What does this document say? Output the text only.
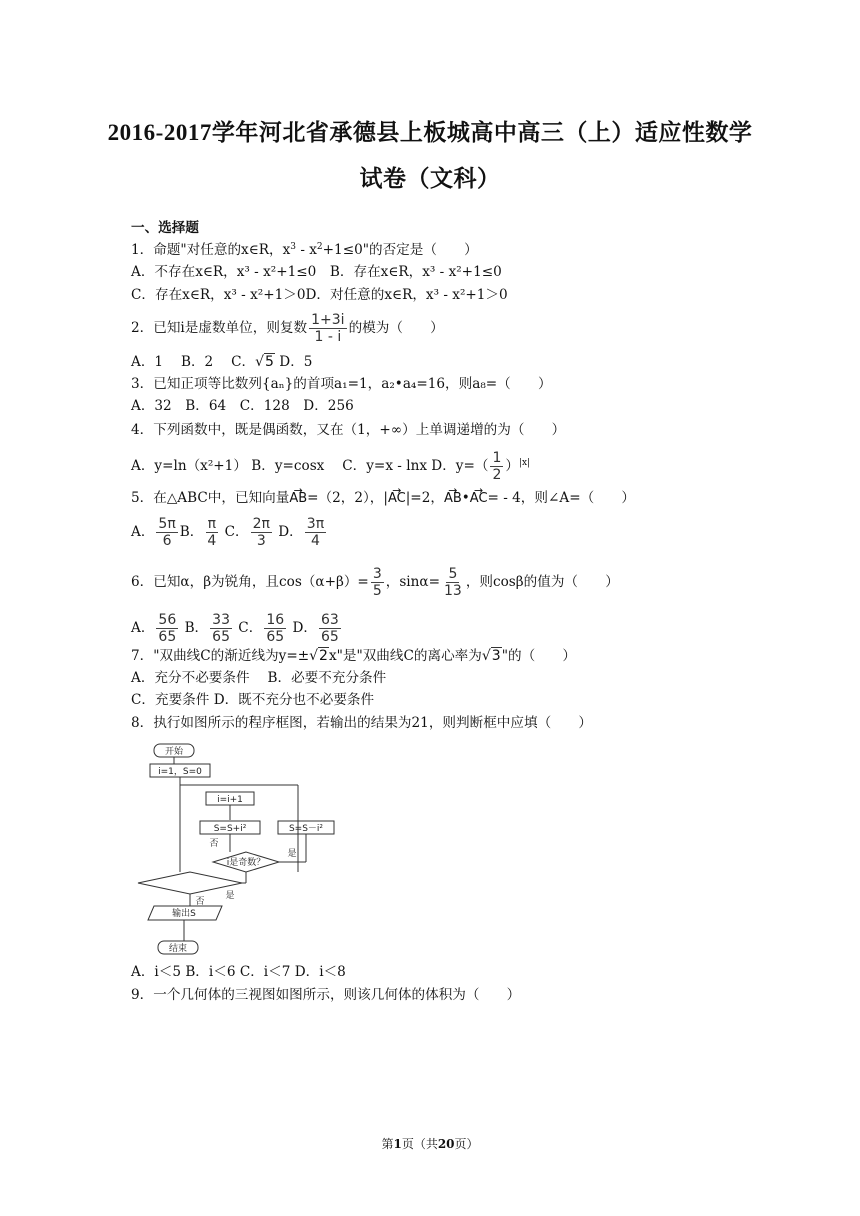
2016-2017学年河北省承德县上板城高中高三（上）适应性数学
试卷（文科）
一、选择题
1．命题"对任意的x∈R，$x^3 - x^2+1\le 0$"的否定是（　　）
A．不存在x∈R，x³ - x²+1≤0　 B．存在x∈R，x³ - x²+1≤0
C．存在x∈R，x³ - x²+1＞0D．对任意的x∈R，x³ - x²+1＞0
2．已知i是虚数单位，则复数 $\frac{1+3i}{1 - i}$ 的模为（　　）
A．1　 B．2　 C．√5 D．5
3．已知正项等比数列{aₙ}的首项a₁=1，a₂•a₄=16，则a₈=（　　）
A．32　B．64　C．128　D．256
4．下列函数中，既是偶函数，又在（1，+∞）上单调递增的为（　　）
A．y=ln（x²+1） B．y=cosx　 C．y=x - lnx D．$y=( \frac{1}{2} )^{|x|}$
5．在△ABC中，已知向量→ AB=（2，2），|→ AC|=2，→ AB•→ AC= - 4，则∠A=（　　）
A． $\frac{5\pi}{6}$ B． $\frac{\pi}{4}$ C． $\frac{2\pi}{3}$ D． $\frac{3\pi}{4}$
6．已知α，β为锐角，且$\cos(\alpha+\beta)= \frac{3}{5}$ ，$\sin\alpha= \frac{5}{13}$ ，则cosβ的值为（　　）
A． $\frac{56}{65}$ B． $\frac{33}{65}$ C． $\frac{16}{65}$ D． $\frac{63}{65}$
7．"双曲线C的渐近线为y=±√2x"是"双曲线C的离心率为√3"的（　　）
A．充分不必要条件　 B．必要不充分条件
C．充要条件 D．既不充分也不必要条件
8．执行如图所示的程序框图，若输出的结果为21，则判断框中应填（　　）
开始
i=1，S=0
i=i+1
S=S+i²	S=S－i²
i是奇数？
否
是
是
否
输出S
结束
A．i＜5 B．i＜6 C．i＜7 D．i＜8
9．一个几何体的三视图如图所示，则该几何体的体积为（　　）
第1页（共20页）
